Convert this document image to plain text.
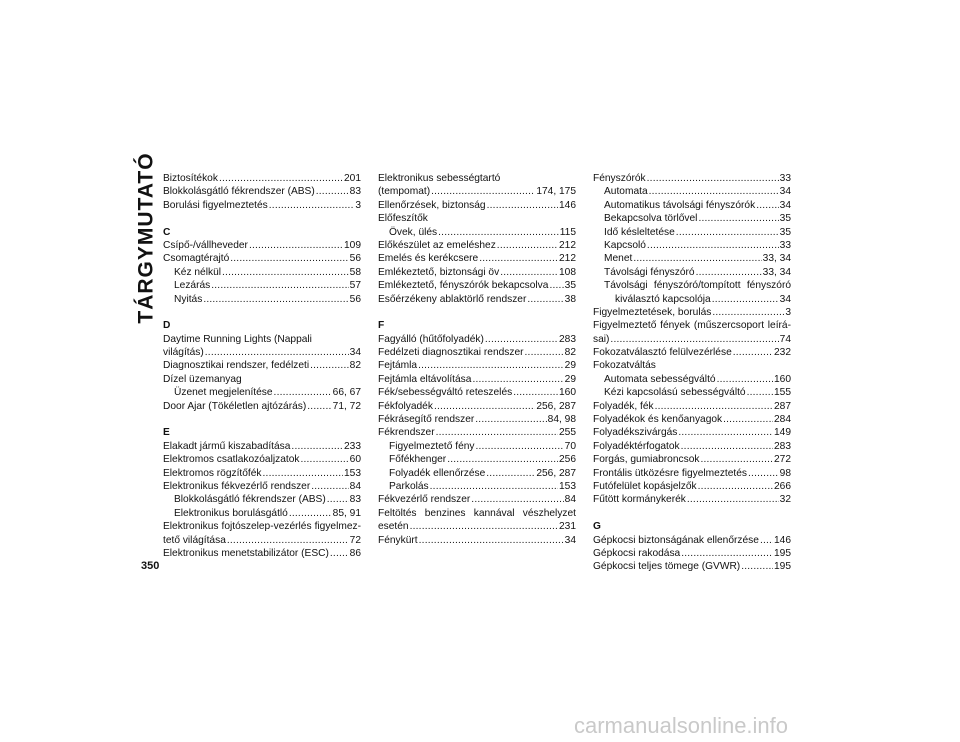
TÁRGYMUTATÓ Biztosítékok .....	201
Blokkolásgátló fékrendszer (ABS) .....	83
Borulási figyelmeztetés .....	3
C
Csípő-/vállheveder .....	109
Csomagtérajtó .....	56
Kéz nélkül .....	58
Lezárás .....	57
Nyitás .....	56
D
Daytime Running Lights (Nappali
világítás) .....	34
Diagnosztikai rendszer, fedélzeti .....	82
Dízel üzemanyag
Üzenet megjelenítése .....	66, 67
Door Ajar (Tökéletlen ajtózárás) .....	71, 72
E
Elakadt jármű kiszabadítása .....	233
Elektromos csatlakozóaljzatok .....	60
Elektromos rögzítőfék .....	153
Elektronikus fékvezérlő rendszer .....	84
Blokkolásgátló fékrendszer (ABS) ..... 83
Elektronikus borulásgátló .....	85, 91
Elektronikus fojtószelep-vezérlés figyelmez-
tető világítása .....	72
Elektronikus menetstabilizátor (ESC) ..... 86
Elektronikus sebességtartó
(tempomat) .....	174, 175
Ellenőrzések, biztonság .....	146
Előfeszítők
Övek, ülés .....	115
Előkészület az emeléshez .....	212
Emelés és kerékcsere .....	212
Emlékeztető, biztonsági öv .....	108
Emlékeztető, fényszórók bekapcsolva ..... 35
Esőérzékeny ablaktörlő rendszer .....	38
F
Fagyálló (hűtőfolyadék) .....	283
Fedélzeti diagnosztikai rendszer .....	82
Fejtámla .....	29
Fejtámla eltávolítása .....	29
Fék/sebességváltó reteszelés .....	160
Fékfolyadék .....	256, 287
Fékrásegítő rendszer .....	84, 98
Fékrendszer .....	255
Figyelmeztető fény .....	70
Főfékhenger .....	256
Folyadék ellenőrzése .....	256, 287
Parkolás .....	153
Fékvezérlő rendszer .....	84
Feltöltés benzines kannával vészhelyzet
esetén .....	231
Fénykürt .....	34
Fényszórók .....	33
Automata .....	34
Automatikus távolsági fényszórók ..... 34
Bekapcsolva törlővel .....	35
Idő késleltetése .....	35
Kapcsoló .....	33
Menet .....	33, 34
Távolsági fényszóró .....	33, 34
Távolsági fényszóró/tompított fényszóró
kiválasztó kapcsolója .....	34
Figyelmeztetések, borulás .....	3
Figyelmeztető fények (műszercsoport leírá-
sai) .....	74
Fokozatválasztó felülvezérlése .....	232
Fokozatváltás
Automata sebességváltó .....	160
Kézi kapcsolású sebességváltó .....	155
Folyadék, fék .....	287
Folyadékok és kenőanyagok .....	284
Folyadékszivárgás .....	149
Folyadéktérfogatok .....	283
Forgás, gumiabroncsok .....	272
Frontális ütközésre figyelmeztetés .....	98
Futófelület kopásjelzők .....	266
Fűtött kormánykerék .....	32
G
Gépkocsi biztonságának ellenőrzése ..... 146
Gépkocsi rakodása .....	195
Gépkocsi teljes tömege (GVWR) .....	195
350
carmanualsonline.info
